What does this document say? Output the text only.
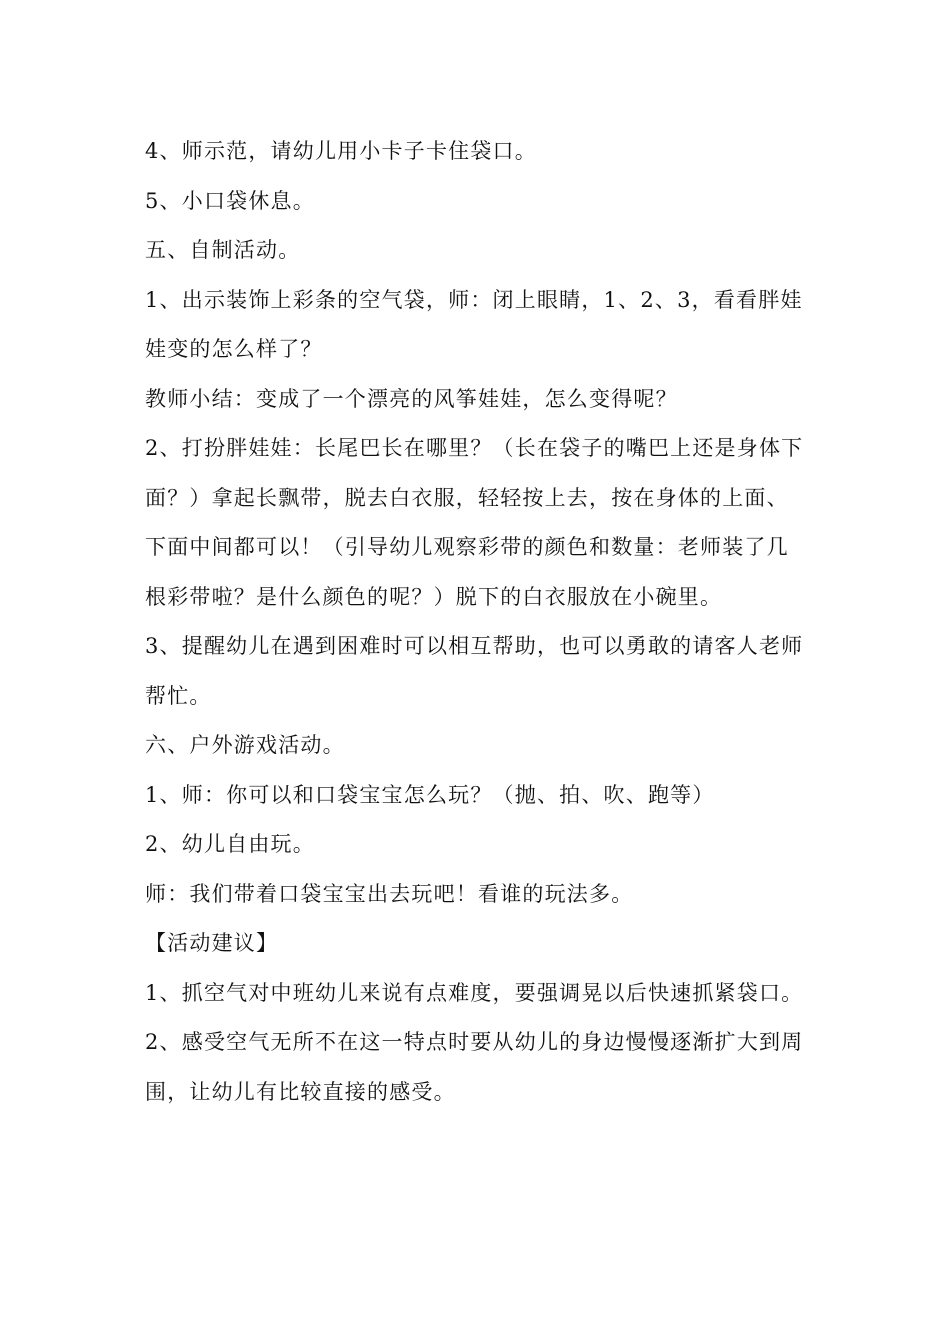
4、师示范，请幼儿用小卡子卡住袋口。
5、小口袋休息。
五、自制活动。
1、出示装饰上彩条的空气袋，师：闭上眼睛，1、2、3，看看胖娃
娃变的怎么样了？
教师小结：变成了一个漂亮的风筝娃娃，怎么变得呢？
2、打扮胖娃娃：长尾巴长在哪里？（长在袋子的嘴巴上还是身体下
面？）拿起长飘带，脱去白衣服，轻轻按上去，按在身体的上面、
下面中间都可以！（引导幼儿观察彩带的颜色和数量：老师装了几
根彩带啦？是什么颜色的呢？）脱下的白衣服放在小碗里。
3、提醒幼儿在遇到困难时可以相互帮助，也可以勇敢的请客人老师
帮忙。
六、户外游戏活动。
1、师：你可以和口袋宝宝怎么玩？（抛、拍、吹、跑等）
2、幼儿自由玩。
师：我们带着口袋宝宝出去玩吧！看谁的玩法多。
【活动建议】
1、抓空气对中班幼儿来说有点难度，要强调晃以后快速抓紧袋口。
2、感受空气无所不在这一特点时要从幼儿的身边慢慢逐渐扩大到周
围，让幼儿有比较直接的感受。
